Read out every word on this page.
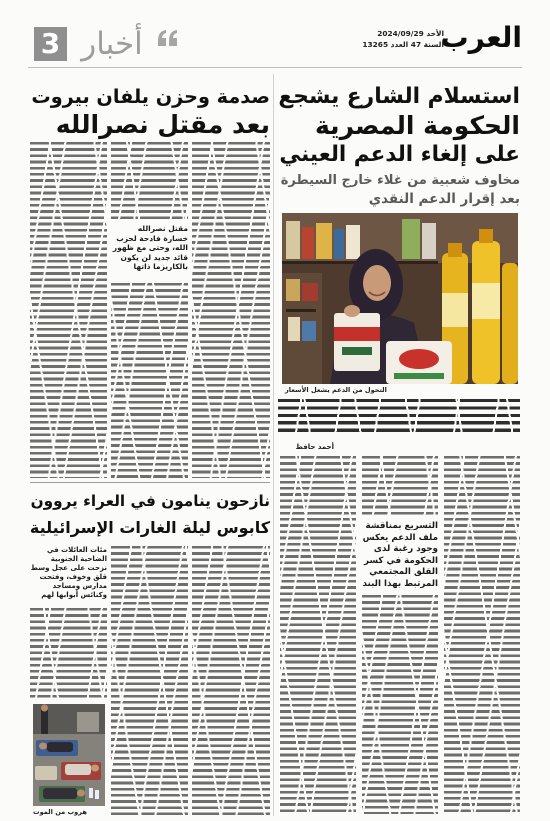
العرب
الأحد 2024/09/29
السنة 47 العدد 13265
3 أخبار
استسلام الشارع يشجع
الحكومة المصرية
على إلغاء الدعم العيني
مخاوف شعبية من غلاء خارج السيطرة
بعد إقرار الدعم النقدي
التحول من الدعم يشعل الأسعار
أحمد حافظ
التسريع بمناقشة ملف الدعم يعكس وجود رغبة لدى الحكومة في كسر القلق المجتمعي المرتبط بهذا البند
صدمة وحزن يلفان بيروت
بعد مقتل نصرالله
مقتل نصرالله خسارة فادحة لحزب الله، وحتى مع ظهور قائد جديد لن يكون بالكاريزما ذاتها
نازحون ينامون في العراء يروون
كابوس ليلة الغارات الإسرائيلية
مئات العائلات في الضاحية الجنوبية نزحت على عجل وسط قلق وخوف، وفتحت مدارس ومساجد وكنائس أبوابها لهم
هروب من الموت
